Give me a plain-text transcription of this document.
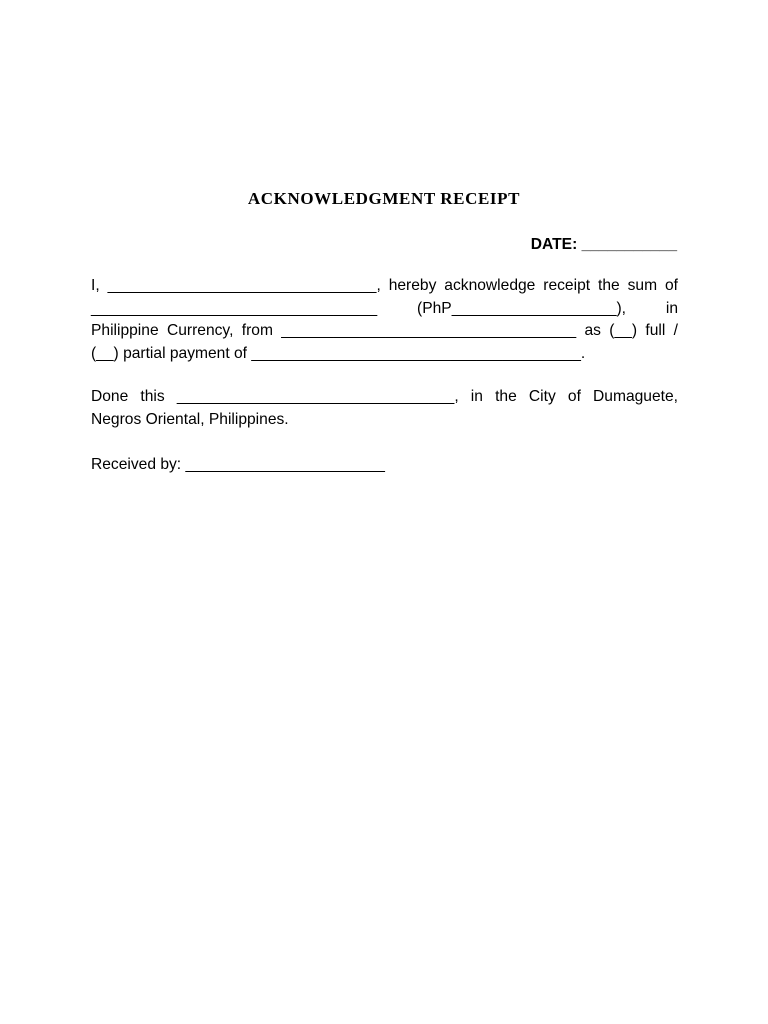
ACKNOWLEDGMENT RECEIPT
DATE: ___________

I, _______________________________, hereby acknowledge receipt the sum of
_________________________________ (PhP___________________), in
Philippine Currency, from __________________________________ as (__) full /
(__) partial payment of ______________________________________.

Done this ________________________________, in the City of Dumaguete,
Negros Oriental, Philippines.

Received by: _______________________
